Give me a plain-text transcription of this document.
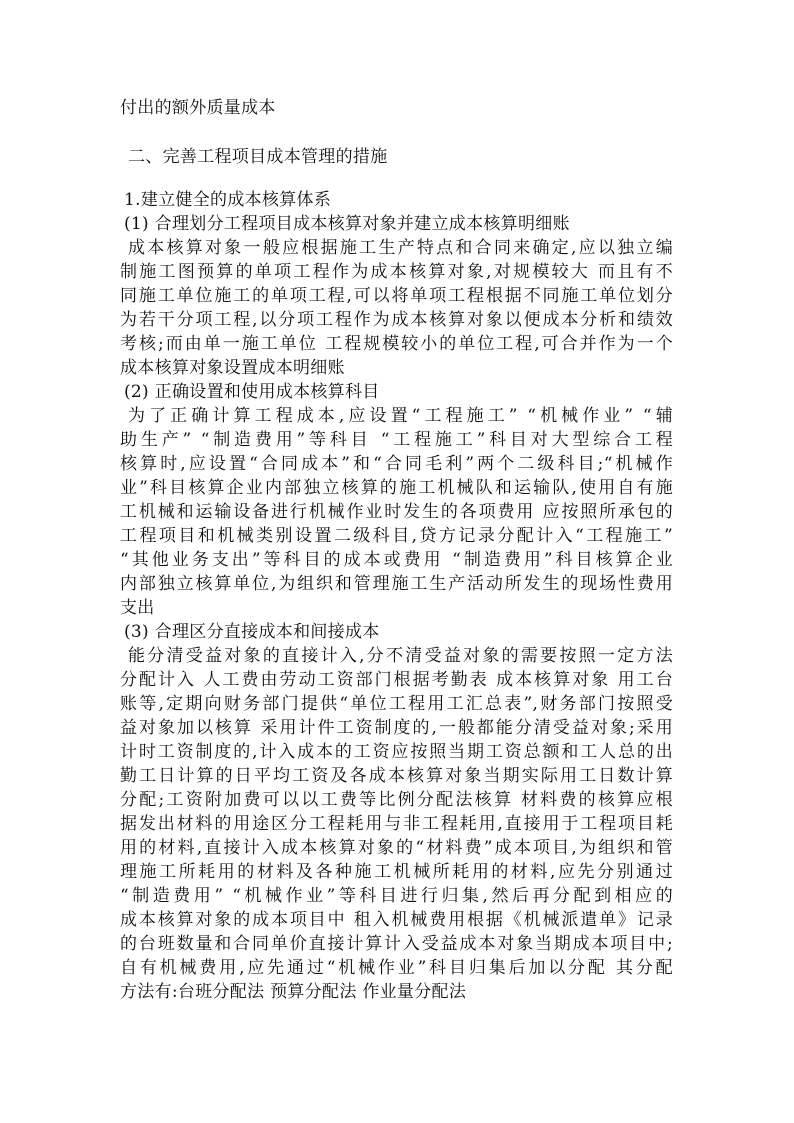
付出的额外质量成本
二、完善工程项目成本管理的措施
1.建立健全的成本核算体系
(1) 合理划分工程项目成本核算对象并建立成本核算明细账
成本核算对象一般应根据施工生产特点和合同来确定,应以独立编
制施工图预算的单项工程作为成本核算对象,对规模较大 而且有不
同施工单位施工的单项工程,可以将单项工程根据不同施工单位划分
为若干分项工程,以分项工程作为成本核算对象以便成本分析和绩效
考核;而由单一施工单位 工程规模较小的单位工程,可合并作为一个
成本核算对象设置成本明细账
(2) 正确设置和使用成本核算科目
为了正确计算工程成本,应设置“工程施工” “机械作业” “辅
助生产” “制造费用”等科目 “工程施工”科目对大型综合工程
核算时,应设置“合同成本”和“合同毛利”两个二级科目;“机械作
业”科目核算企业内部独立核算的施工机械队和运输队,使用自有施
工机械和运输设备进行机械作业时发生的各项费用 应按照所承包的
工程项目和机械类别设置二级科目,贷方记录分配计入“工程施工”
“其他业务支出”等科目的成本或费用 “制造费用”科目核算企业
内部独立核算单位,为组织和管理施工生产活动所发生的现场性费用
支出
(3) 合理区分直接成本和间接成本
能分清受益对象的直接计入,分不清受益对象的需要按照一定方法
分配计入 人工费由劳动工资部门根据考勤表 成本核算对象 用工台
账等,定期向财务部门提供“单位工程用工汇总表”,财务部门按照受
益对象加以核算 采用计件工资制度的,一般都能分清受益对象;采用
计时工资制度的,计入成本的工资应按照当期工资总额和工人总的出
勤工日计算的日平均工资及各成本核算对象当期实际用工日数计算
分配;工资附加费可以以工费等比例分配法核算 材料费的核算应根
据发出材料的用途区分工程耗用与非工程耗用,直接用于工程项目耗
用的材料,直接计入成本核算对象的“材料费”成本项目,为组织和管
理施工所耗用的材料及各种施工机械所耗用的材料,应先分别通过
“制造费用” “机械作业”等科目进行归集,然后再分配到相应的
成本核算对象的成本项目中 租入机械费用根据《机械派遣单》记录
的台班数量和合同单价直接计算计入受益成本对象当期成本项目中;
自有机械费用,应先通过“机械作业”科目归集后加以分配 其分配
方法有:台班分配法 预算分配法 作业量分配法
